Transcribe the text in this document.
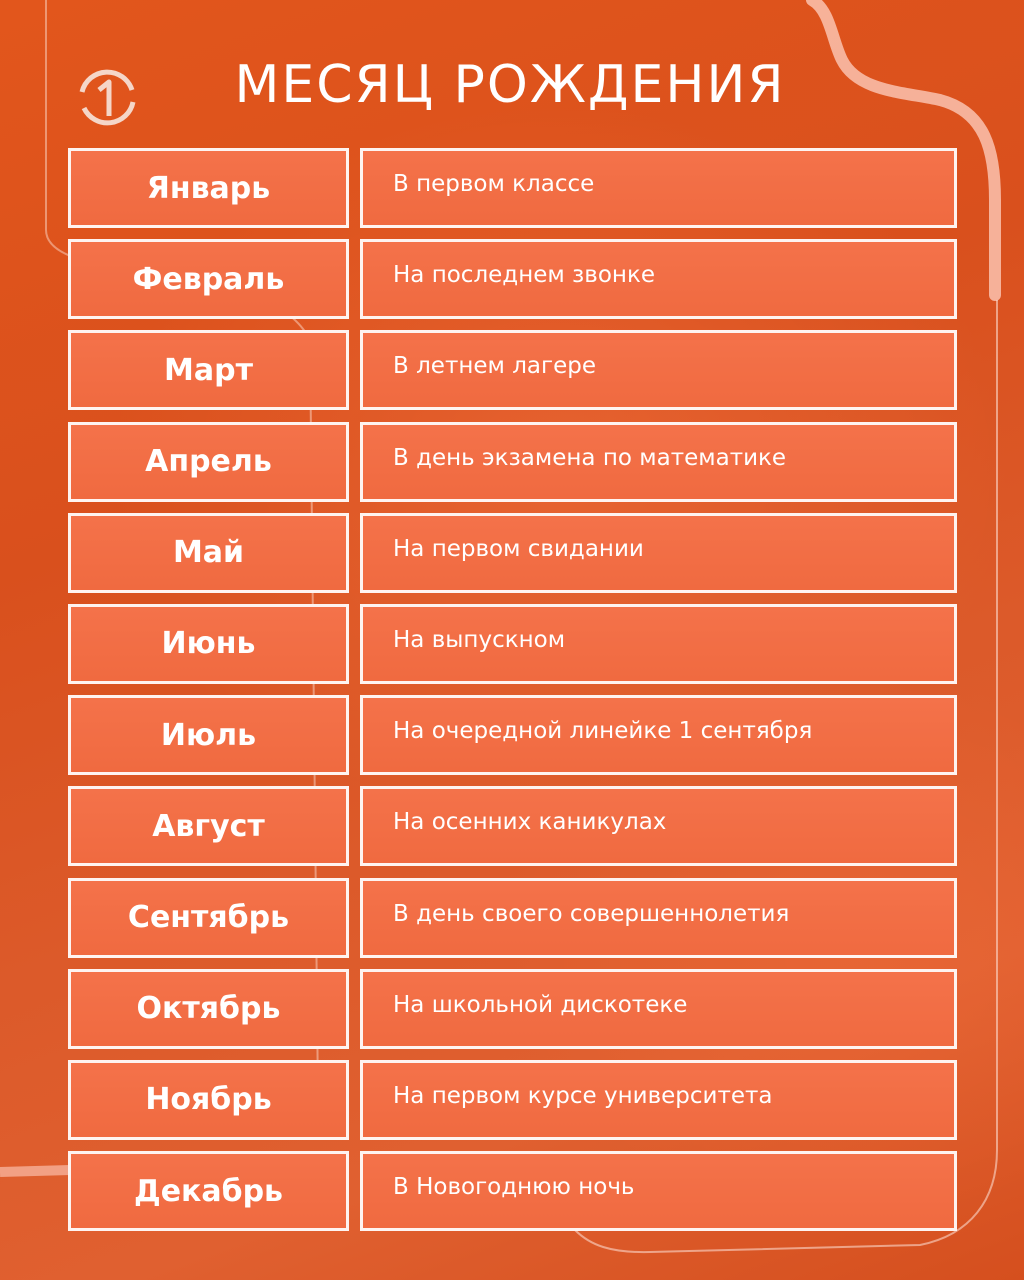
МЕСЯЦ РОЖДЕНИЯ
Январь	В первом классе
Февраль	На последнем звонке
Март	В летнем лагере
Апрель	В день экзамена по математике
Май	На первом свидании
Июнь	На выпускном
Июль	На очередной линейке 1 сентября
Август	На осенних каникулах
Сентябрь	В день своего совершеннолетия
Октябрь	На школьной дискотеке
Ноябрь	На первом курсе университета
Декабрь	В Новогоднюю ночь
